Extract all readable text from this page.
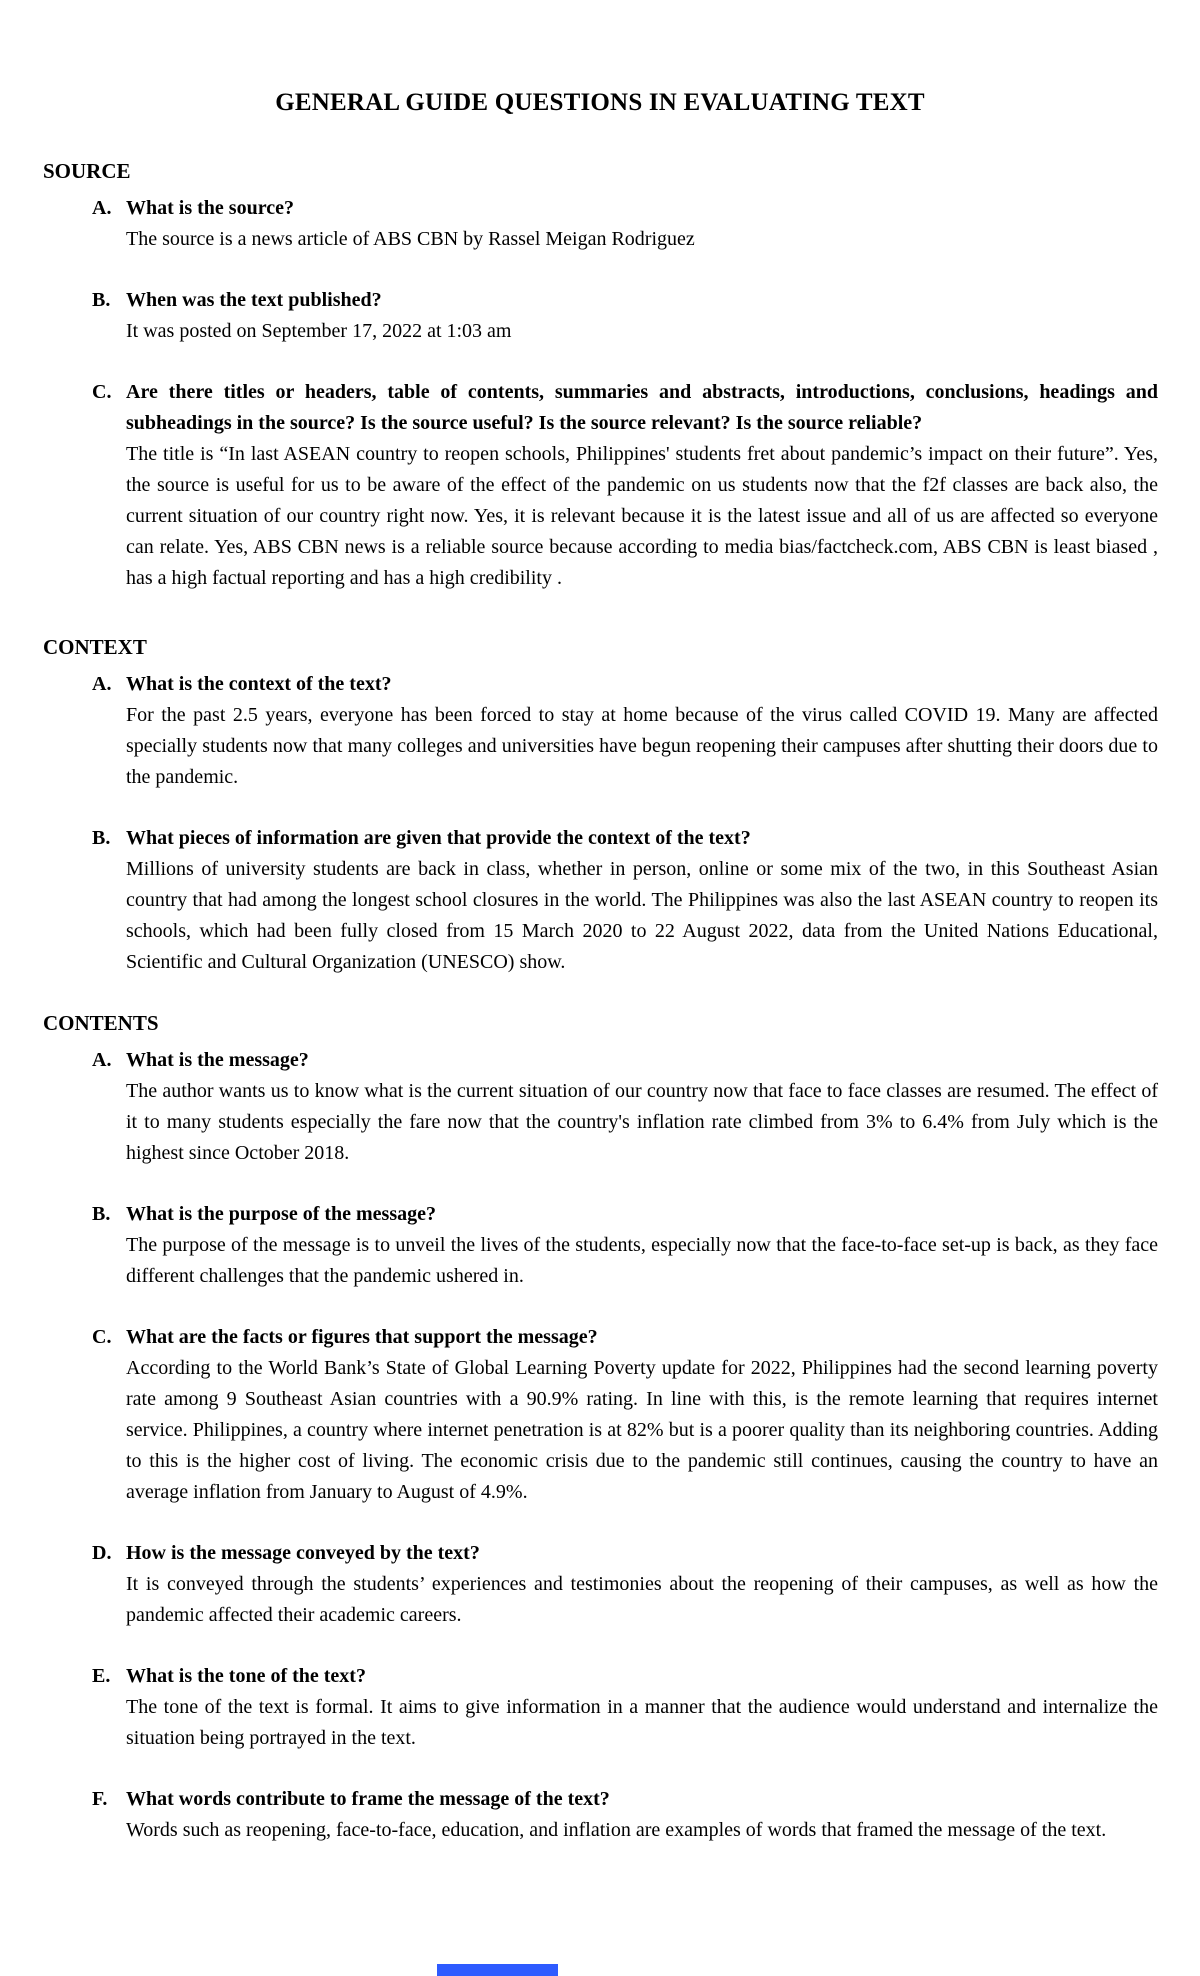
GENERAL GUIDE QUESTIONS IN EVALUATING TEXT
SOURCE
A. What is the source?
The source is a news article of ABS CBN by Rassel Meigan Rodriguez
B. When was the text published?
It was posted on September 17, 2022 at 1:03 am
C. Are there titles or headers, table of contents, summaries and abstracts, introductions, conclusions, headings and subheadings in the source? Is the source useful? Is the source relevant? Is the source reliable?
The title is “In last ASEAN country to reopen schools, Philippines' students fret about pandemic’s impact on their future”. Yes, the source is useful for us to be aware of the effect of the pandemic on us students now that the f2f classes are back also, the current situation of our country right now. Yes, it is relevant because it is the latest issue and all of us are affected so everyone can relate. Yes, ABS CBN news is a reliable source because according to media bias/factcheck.com, ABS CBN is least biased , has a high factual reporting and has a high credibility .
CONTEXT
A. What is the context of the text?
For the past 2.5 years, everyone has been forced to stay at home because of the virus called COVID 19. Many are affected specially students now that many colleges and universities have begun reopening their campuses after shutting their doors due to the pandemic.
B. What pieces of information are given that provide the context of the text?
Millions of university students are back in class, whether in person, online or some mix of the two, in this Southeast Asian country that had among the longest school closures in the world. The Philippines was also the last ASEAN country to reopen its schools, which had been fully closed from 15 March 2020 to 22 August 2022, data from the United Nations Educational, Scientific and Cultural Organization (UNESCO) show.
CONTENTS
A. What is the message?
The author wants us to know what is the current situation of our country now that face to face classes are resumed. The effect of it to many students especially the fare now that the country's inflation rate climbed from 3% to 6.4% from July which is the highest since October 2018.
B. What is the purpose of the message?
The purpose of the message is to unveil the lives of the students, especially now that the face-to-face set-up is back, as they face different challenges that the pandemic ushered in.
C. What are the facts or figures that support the message?
According to the World Bank’s State of Global Learning Poverty update for 2022, Philippines had the second learning poverty rate among 9 Southeast Asian countries with a 90.9% rating. In line with this, is the remote learning that requires internet service. Philippines, a country where internet penetration is at 82% but is a poorer quality than its neighboring countries. Adding to this is the higher cost of living. The economic crisis due to the pandemic still continues, causing the country to have an average inflation from January to August of 4.9%.
D. How is the message conveyed by the text?
It is conveyed through the students’ experiences and testimonies about the reopening of their campuses, as well as how the pandemic affected their academic careers.
E. What is the tone of the text?
The tone of the text is formal. It aims to give information in a manner that the audience would understand and internalize the situation being portrayed in the text.
F. What words contribute to frame the message of the text?
Words such as reopening, face-to-face, education, and inflation are examples of words that framed the message of the text.
